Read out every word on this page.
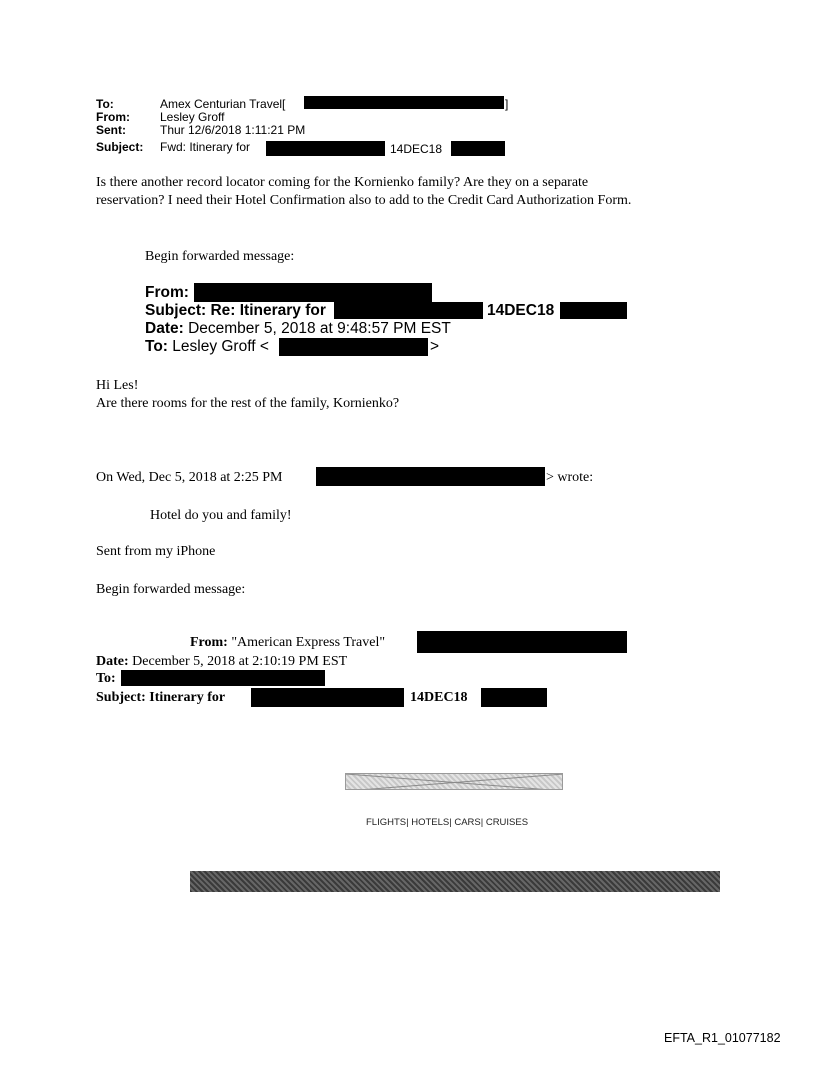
To:	Amex Centurian Travel[	]
From:	Lesley Groff
Sent:	Thur 12/6/2018 1:11:21 PM
Subject: Fwd: Itinerary for	14DEC18
Is there another record locator coming for the Kornienko family? Are they on a separate
reservation? I need their Hotel Confirmation also to add to the Credit Card Authorization Form.
Begin forwarded message:
From:
Subject: Re: Itinerary for	14DEC18
Date: December 5, 2018 at 9:48:57 PM EST
To: Lesley Groff <	>
Hi Les!
Are there rooms for the rest of the family, Kornienko?
On Wed, Dec 5, 2018 at 2:25 PM	> wrote:
Hotel do you and family!
Sent from my iPhone
Begin forwarded message:
From: "American Express Travel"
Date: December 5, 2018 at 2:10:19 PM EST
To:
Subject: Itinerary for	14DEC18
FLIGHTS| HOTELS| CARS| CRUISES
EFTA_R1_01077182
